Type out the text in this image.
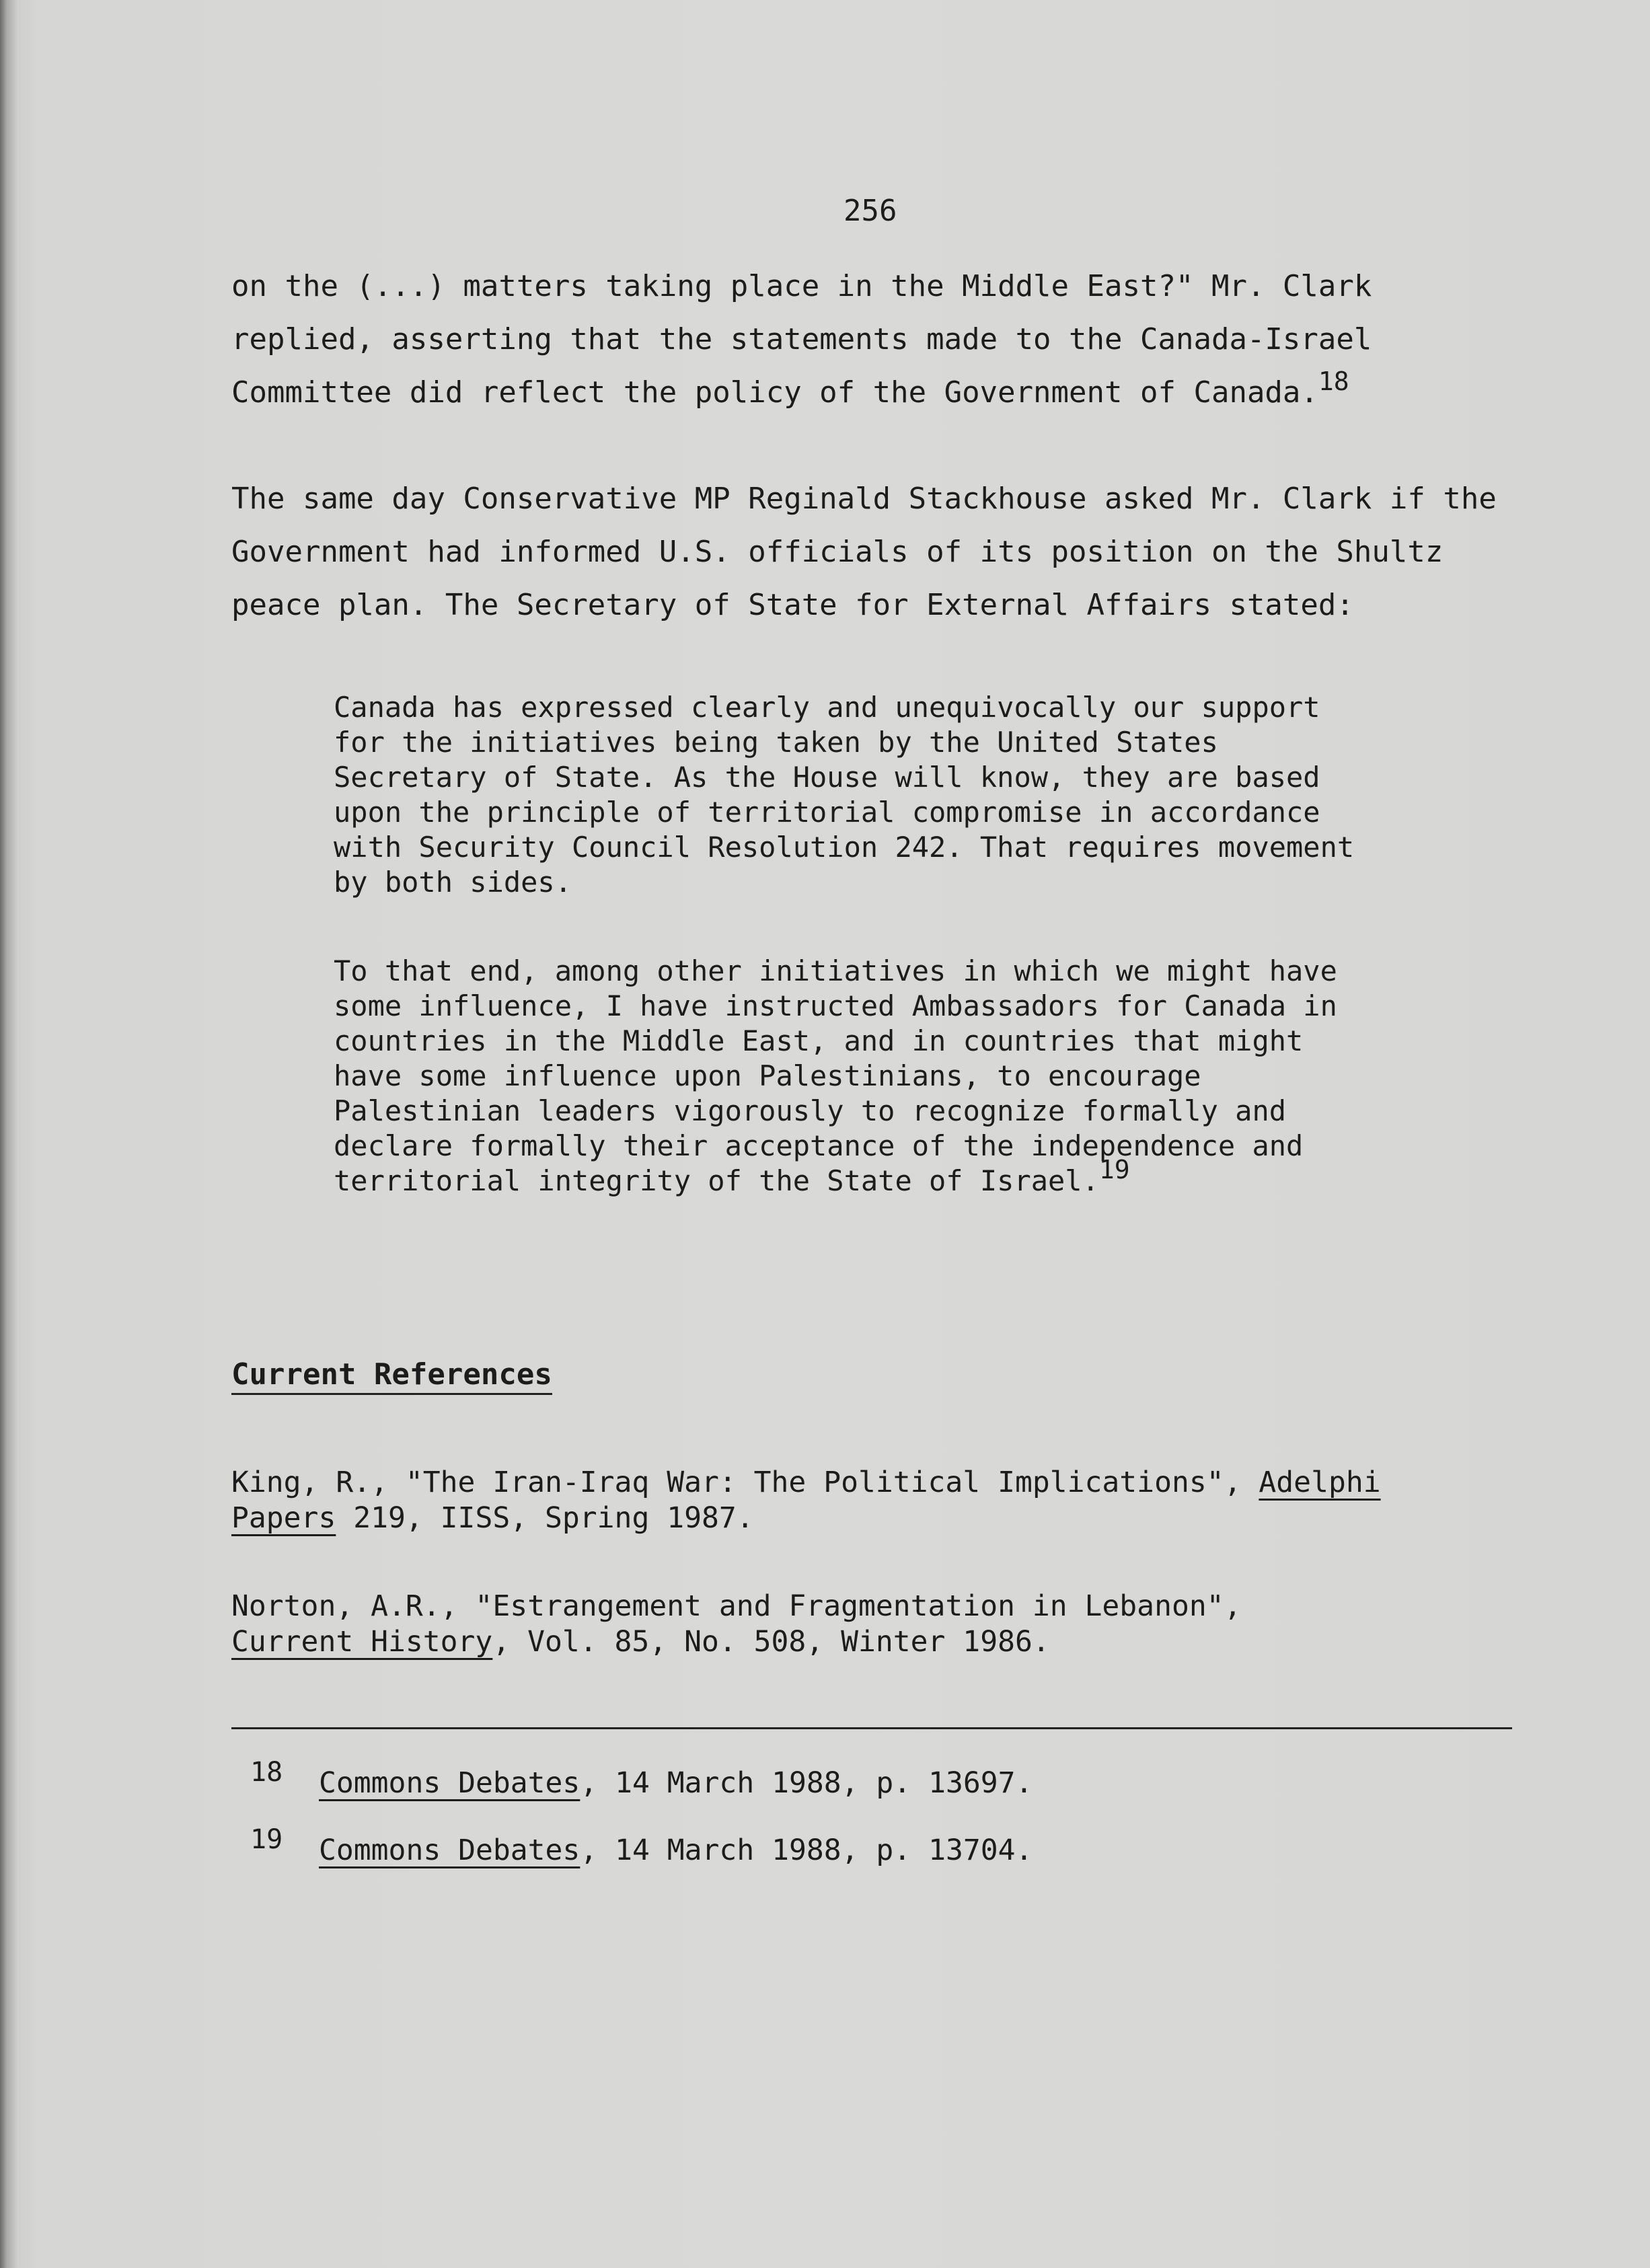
256

on the (...) matters taking place in the Middle East?" Mr. Clark
replied, asserting that the statements made to the Canada-Israel
Committee did reflect the policy of the Government of Canada.$^{18}$

The same day Conservative MP Reginald Stackhouse asked Mr. Clark if the
Government had informed U.S. officials of its position on the Shultz
peace plan. The Secretary of State for External Affairs stated:

Canada has expressed clearly and unequivocally our support
for the initiatives being taken by the United States
Secretary of State. As the House will know, they are based
upon the principle of territorial compromise in accordance
with Security Council Resolution 242. That requires movement
by both sides.

To that end, among other initiatives in which we might have
some influence, I have instructed Ambassadors for Canada in
countries in the Middle East, and in countries that might
have some influence upon Palestinians, to encourage
Palestinian leaders vigorously to recognize formally and
declare formally their acceptance of the independence and
territorial integrity of the State of Israel.$^{19}$

Current References

King, R., "The Iran-Iraq War: The Political Implications", Adelphi
Papers 219, IISS, Spring 1987.

Norton, A.R., "Estrangement and Fragmentation in Lebanon",
Current History, Vol. 85, No. 508, Winter 1986.

18 Commons Debates, 14 March 1988, p. 13697.
19 Commons Debates, 14 March 1988, p. 13704.
